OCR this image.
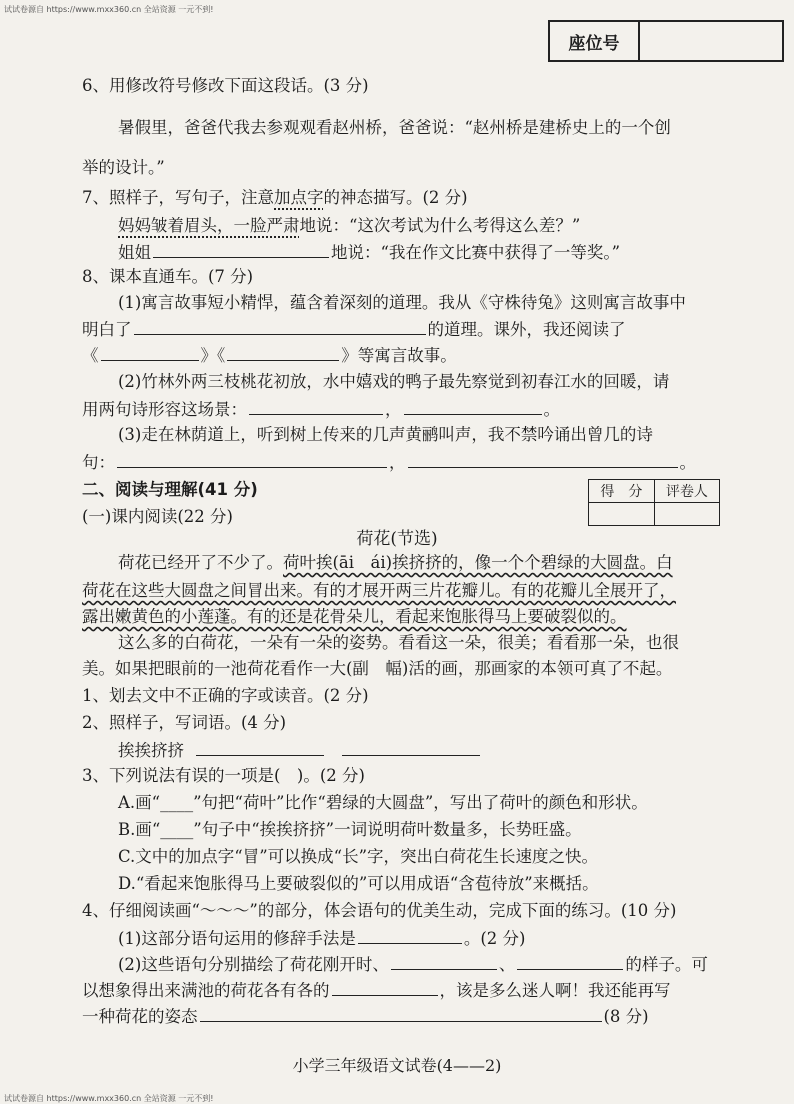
试试卷源自 https://www.mxx360.cn 全站资源 一元不到!
座位号
6、用修改符号修改下面这段话。(3 分)
暑假里，爸爸代我去参观观看赵州桥，爸爸说：“赵州桥是建桥史上的一个创
举的设计。”
7、照样子，写句子，注意加点字的神态描写。(2 分)
妈妈皱着眉头，一脸严肃地说：“这次考试为什么考得这么差？”
姐姐	地说：“我在作文比赛中获得了一等奖。”
8、课本直通车。(7 分)
(1)寓言故事短小精悍，蕴含着深刻的道理。我从《守株待兔》这则寓言故事中
明白了	的道理。课外，我还阅读了
《	》《	》等寓言故事。
(2)竹林外两三枝桃花初放，水中嬉戏的鸭子最先察觉到初春江水的回暖，请
用两句诗形容这场景：	，	。
(3)走在林荫道上，听到树上传来的几声黄鹂叫声，我不禁吟诵出曾几的诗
句：	，	。
二、阅读与理解(41 分)	得　分	评卷人

(一)课内阅读(22 分)
荷花(节选)
荷花已经开了不少了。荷叶挨(āi　ái)挨挤挤的，像一个个碧绿的大圆盘。白
荷花在这些大圆盘之间冒出来。有的才展开两三片花瓣儿。有的花瓣儿全展开了，
露出嫩黄色的小莲蓬。有的还是花骨朵儿，看起来饱胀得马上要破裂似的。
这么多的白荷花，一朵有一朵的姿势。看看这一朵，很美；看看那一朵，也很
美。如果把眼前的一池荷花看作一大(副　幅)活的画，那画家的本领可真了不起。
1、划去文中不正确的字或读音。(2 分)
2、照样子，写词语。(4 分)
挨挨挤挤
3、下列说法有误的一项是(　)。(2 分)
A.画“____”句把“荷叶”比作“碧绿的大圆盘”，写出了荷叶的颜色和形状。
B.画“____”句子中“挨挨挤挤”一词说明荷叶数量多，长势旺盛。
C.文中的加点字“冒”可以换成“长”字，突出白荷花生长速度之快。
D.“看起来饱胀得马上要破裂似的”可以用成语“含苞待放”来概括。
4、仔细阅读画“～～～”的部分，体会语句的优美生动，完成下面的练习。(10 分)
(1)这部分语句运用的修辞手法是	。(2 分)
(2)这些语句分别描绘了荷花刚开时、	、	的样子。可
以想象得出来满池的荷花各有各的	，该是多么迷人啊！我还能再写
一种荷花的姿态	(8 分)
小学三年级语文试卷(4——2)
试试卷源自 https://www.mxx360.cn 全站资源 一元不到!
